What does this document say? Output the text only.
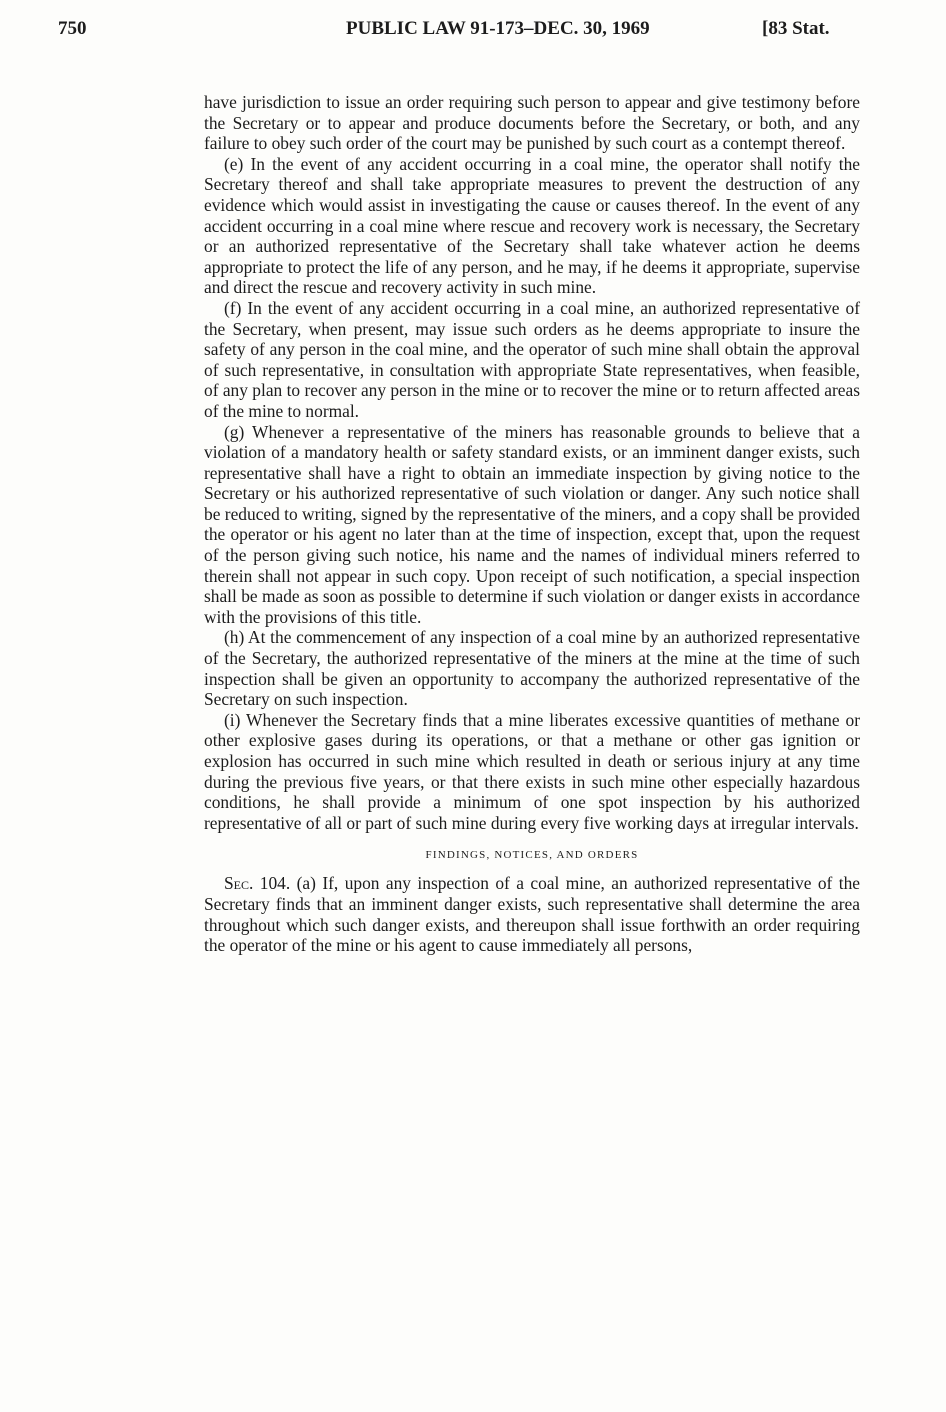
750	PUBLIC LAW 91-173–DEC. 30, 1969	[83 Stat.

have jurisdiction to issue an order requiring such person to appear and give testimony before the Secretary or to appear and produce documents before the Secretary, or both, and any failure to obey such order of the court may be punished by such court as a contempt thereof.

(e) In the event of any accident occurring in a coal mine, the operator shall notify the Secretary thereof and shall take appropriate measures to prevent the destruction of any evidence which would assist in investigating the cause or causes thereof. In the event of any accident occurring in a coal mine where rescue and recovery work is necessary, the Secretary or an authorized representative of the Secretary shall take whatever action he deems appropriate to protect the life of any person, and he may, if he deems it appropriate, supervise and direct the rescue and recovery activity in such mine.

(f) In the event of any accident occurring in a coal mine, an authorized representative of the Secretary, when present, may issue such orders as he deems appropriate to insure the safety of any person in the coal mine, and the operator of such mine shall obtain the approval of such representative, in consultation with appropriate State representatives, when feasible, of any plan to recover any person in the mine or to recover the mine or to return affected areas of the mine to normal.

(g) Whenever a representative of the miners has reasonable grounds to believe that a violation of a mandatory health or safety standard exists, or an imminent danger exists, such representative shall have a right to obtain an immediate inspection by giving notice to the Secretary or his authorized representative of such violation or danger. Any such notice shall be reduced to writing, signed by the representative of the miners, and a copy shall be provided the operator or his agent no later than at the time of inspection, except that, upon the request of the person giving such notice, his name and the names of individual miners referred to therein shall not appear in such copy. Upon receipt of such notification, a special inspection shall be made as soon as possible to determine if such violation or danger exists in accordance with the provisions of this title.

(h) At the commencement of any inspection of a coal mine by an authorized representative of the Secretary, the authorized representative of the miners at the mine at the time of such inspection shall be given an opportunity to accompany the authorized representative of the Secretary on such inspection.

(i) Whenever the Secretary finds that a mine liberates excessive quantities of methane or other explosive gases during its operations, or that a methane or other gas ignition or explosion has occurred in such mine which resulted in death or serious injury at any time during the previous five years, or that there exists in such mine other especially hazardous conditions, he shall provide a minimum of one spot inspection by his authorized representative of all or part of such mine during every five working days at irregular intervals.

FINDINGS, NOTICES, AND ORDERS

Sec. 104. (a) If, upon any inspection of a coal mine, an authorized representative of the Secretary finds that an imminent danger exists, such representative shall determine the area throughout which such danger exists, and thereupon shall issue forthwith an order requiring the operator of the mine or his agent to cause immediately all persons,
